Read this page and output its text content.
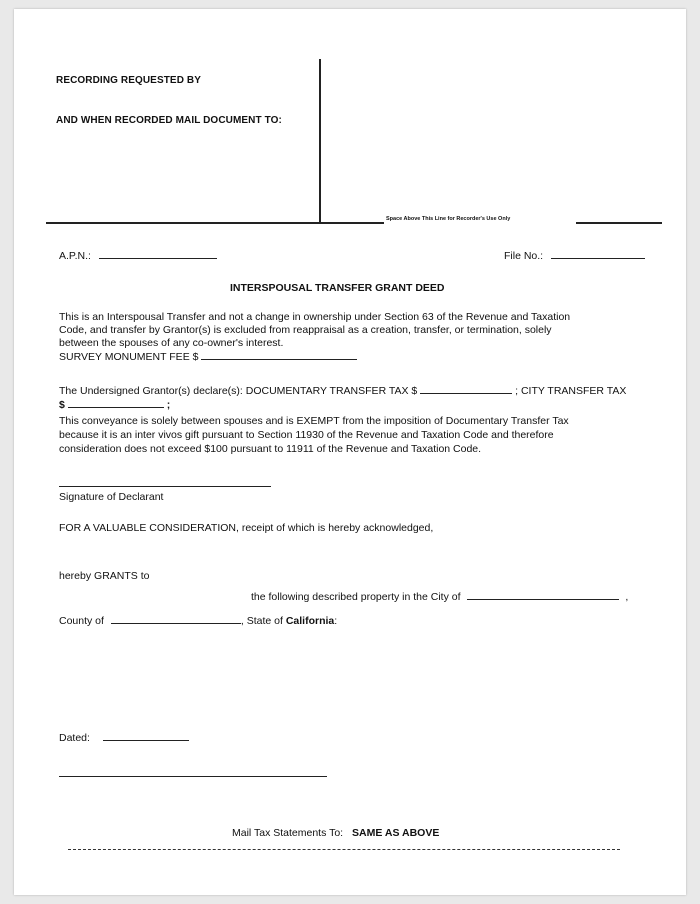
RECORDING REQUESTED BY
AND WHEN RECORDED MAIL DOCUMENT TO:
Space Above This Line for Recorder's Use Only
A.P.N.:	File No.:
INTERSPOUSAL TRANSFER GRANT DEED
This is an Interspousal Transfer and not a change in ownership under Section 63 of the Revenue and Taxation
Code, and transfer by Grantor(s) is excluded from reappraisal as a creation, transfer, or termination, solely
between the spouses of any co-owner's interest.
SURVEY MONUMENT FEE $
The Undersigned Grantor(s) declare(s): DOCUMENTARY TRANSFER TAX $	; CITY TRANSFER TAX
$	;
This conveyance is solely between spouses and is EXEMPT from the imposition of Documentary Transfer Tax
because it is an inter vivos gift pursuant to Section 11930 of the Revenue and Taxation Code and therefore
consideration does not exceed $100 pursuant to 11911 of the Revenue and Taxation Code.
Signature of Declarant
FOR A VALUABLE CONSIDERATION, receipt of which is hereby acknowledged,
hereby GRANTS to
the following described property in the City of	,
County of	, State of California:
Dated:
Mail Tax Statements To: SAME AS ABOVE
